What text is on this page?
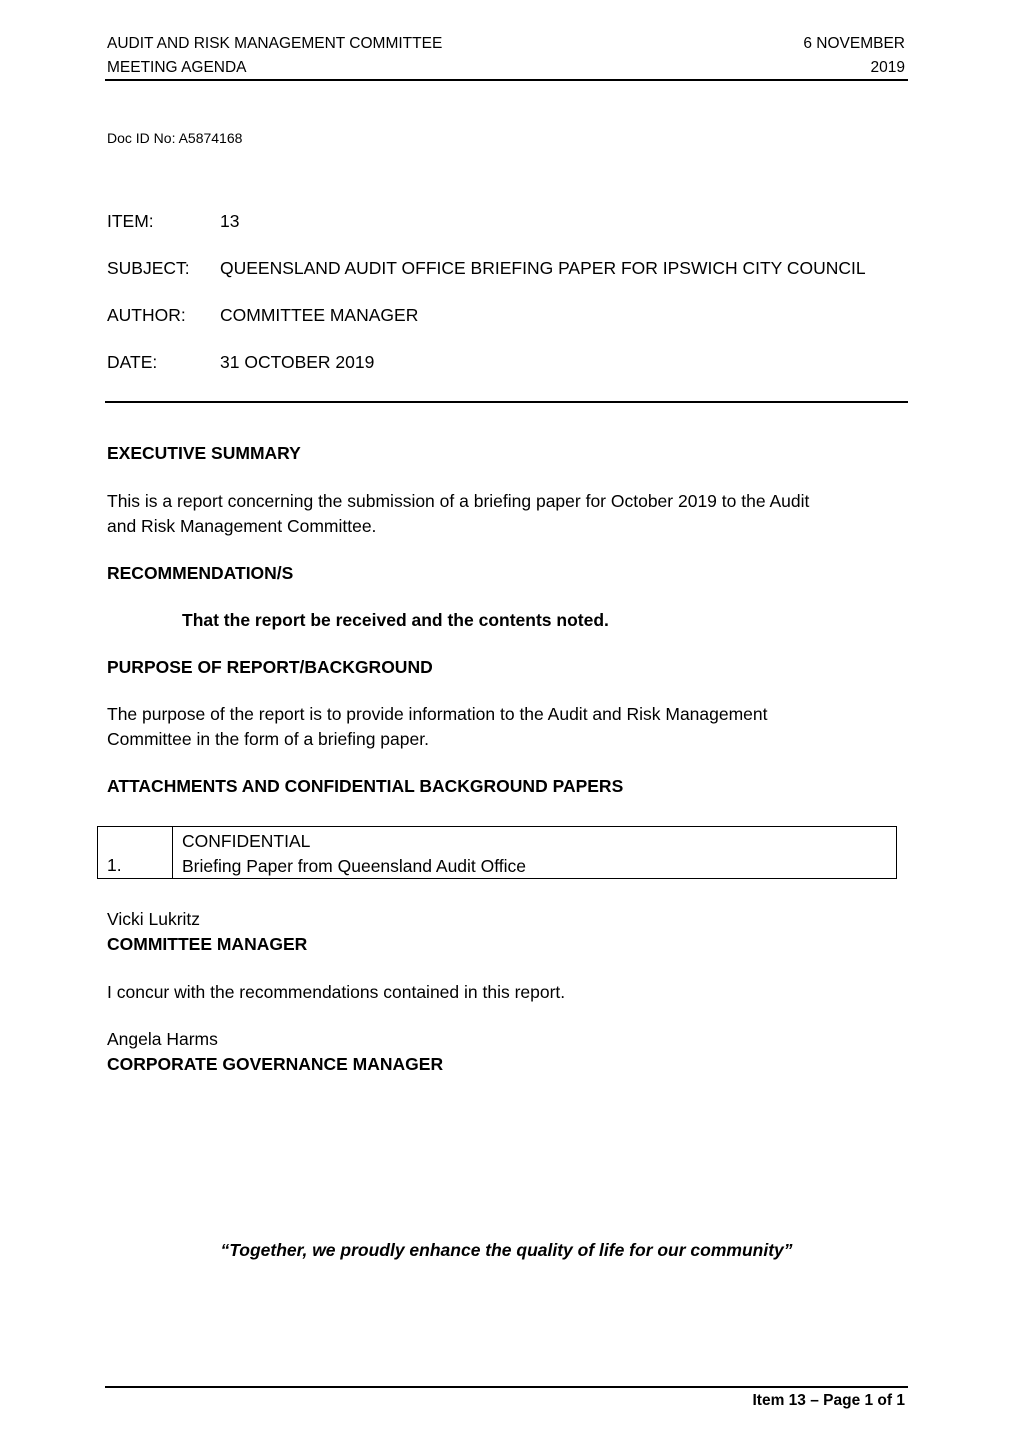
AUDIT AND RISK MANAGEMENT COMMITTEE
MEETING AGENDA
6 NOVEMBER
2019
Doc ID No: A5874168
ITEM:	13
SUBJECT: QUEENSLAND AUDIT OFFICE BRIEFING PAPER FOR IPSWICH CITY COUNCIL
AUTHOR: COMMITTEE MANAGER
DATE:	31 OCTOBER 2019
EXECUTIVE SUMMARY
This is a report concerning the submission of a briefing paper for October 2019 to the Audit
and Risk Management Committee.
RECOMMENDATION/S
That the report be received and the contents noted.
PURPOSE OF REPORT/BACKGROUND
The purpose of the report is to provide information to the Audit and Risk Management
Committee in the form of a briefing paper.
ATTACHMENTS AND CONFIDENTIAL BACKGROUND PAPERS
1.
CONFIDENTIAL
Briefing Paper from Queensland Audit Office
Vicki Lukritz
COMMITTEE MANAGER
I concur with the recommendations contained in this report.
Angela Harms
CORPORATE GOVERNANCE MANAGER
“Together, we proudly enhance the quality of life for our community”
Item 13 – Page 1 of 1
